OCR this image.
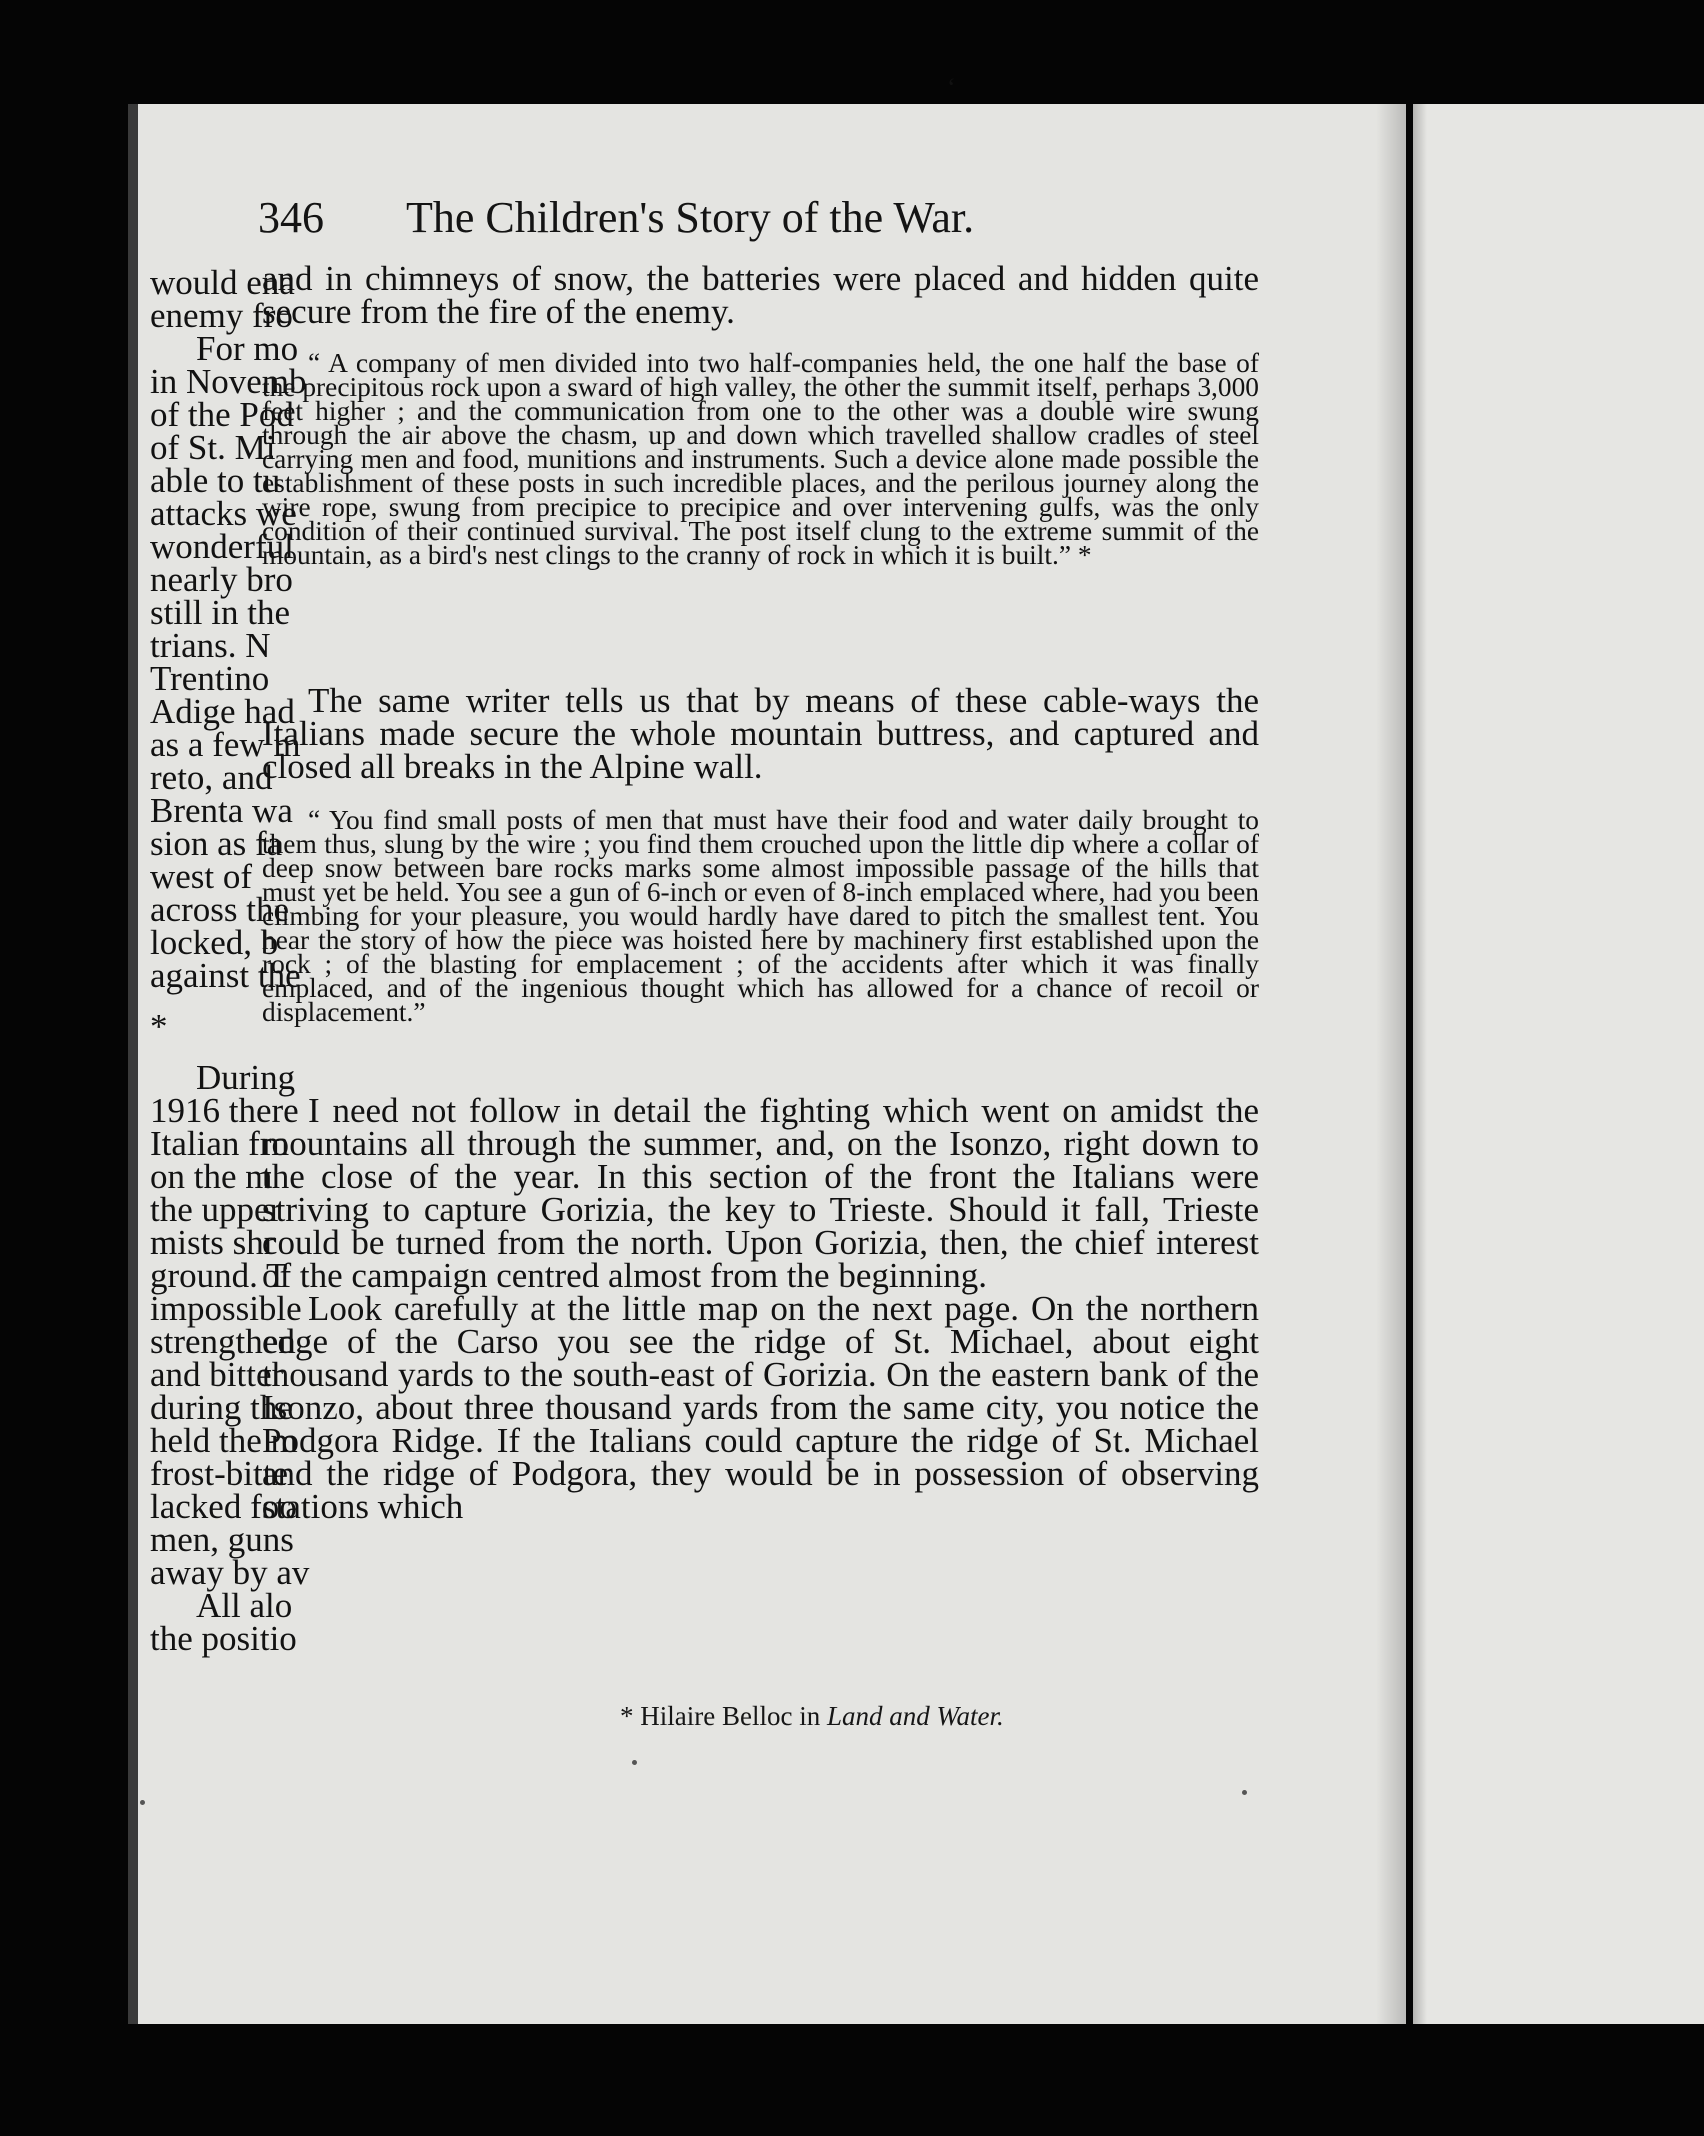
ʻ
346 The Children's Story of the War.
and in chimneys of snow, the batteries were placed and hidden quite secure from the fire of the enemy.

“ A company of men divided into two half-companies held, the one half the base of the precipitous rock upon a sward of high valley, the other the summit itself, perhaps 3,000 feet higher ; and the communication from one to the other was a double wire swung through the air above the chasm, up and down which travelled shallow cradles of steel carrying men and food, munitions and instruments. Such a device alone made possible the establishment of these posts in such incredible places, and the perilous journey along the wire rope, swung from precipice to precipice and over intervening gulfs, was the only condition of their continued survival. The post itself clung to the extreme summit of the mountain, as a bird's nest clings to the cranny of rock in which it is built.” *

The same writer tells us that by means of these cable-ways the Italians made secure the whole mountain buttress, and captured and closed all breaks in the Alpine wall.

“ You find small posts of men that must have their food and water daily brought to them thus, slung by the wire ; you find them crouched upon the little dip where a collar of deep snow between bare rocks marks some almost impossible passage of the hills that must yet be held. You see a gun of 6-inch or even of 8-inch emplaced where, had you been climbing for your pleasure, you would hardly have dared to pitch the smallest tent. You hear the story of how the piece was hoisted here by machinery first established upon the rock ; of the blasting for emplacement ; of the accidents after which it was finally emplaced, and of the ingenious thought which has allowed for a chance of recoil or displacement.”

I need not follow in detail the fighting which went on amidst the mountains all through the summer, and, on the Isonzo, right down to the close of the year. In this section of the front the Italians were striving to capture Gorizia, the key to Trieste. Should it fall, Trieste could be turned from the north. Upon Gorizia, then, the chief interest of the campaign centred almost from the beginning.

Look carefully at the little map on the next page. On the northern edge of the Carso you see the ridge of St. Michael, about eight thousand yards to the south-east of Gorizia. On the eastern bank of the Isonzo, about three thousand yards from the same city, you notice the Podgora Ridge. If the Italians could capture the ridge of St. Michael and the ridge of Podgora, they would be in possession of observing stations which

* Hilaire Belloc in Land and Water.
would ena
enemy fro
For mo
in Novemb
of the Pod
of St. Mi
able to tu
attacks we
wonderful
nearly bro
still in the
trians. N
Trentino
Adige had
as a few m
reto, and
Brenta wa
sion as fa
west of
across the
locked, b
against the
*
During
1916 there
Italian fro
on the m
the upper
mists shr
ground. T
impossible
strengthen
and bitter
during the
held the m
frost-bitte
lacked foo
men, guns
away by av
All alo
the positio
